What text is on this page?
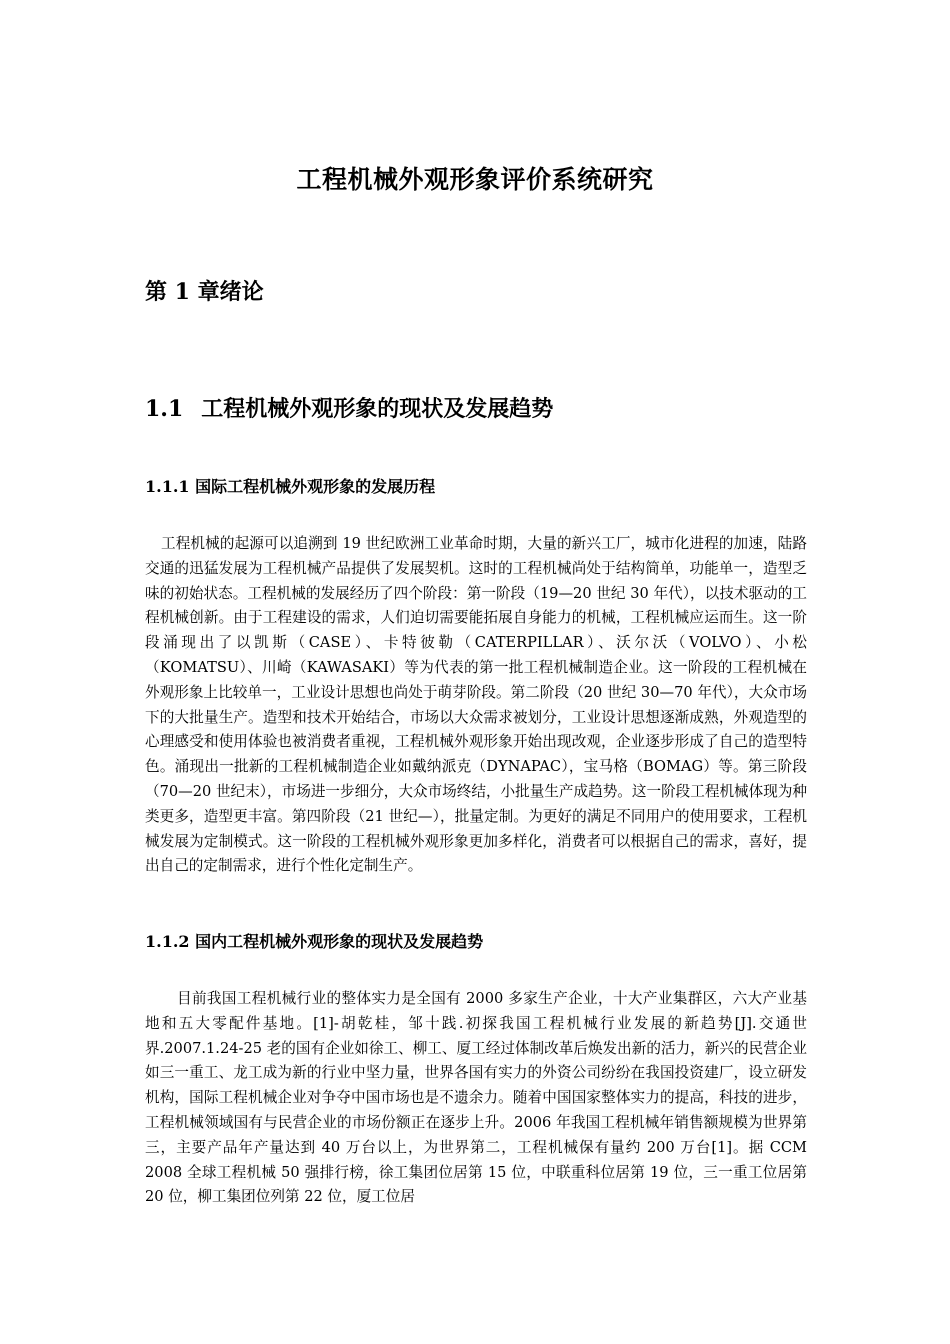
工程机械外观形象评价系统研究
第 1 章绪论
1.1 工程机械外观形象的现状及发展趋势
1.1.1 国际工程机械外观形象的发展历程

工程机械的起源可以追溯到 19 世纪欧洲工业革命时期，大量的新兴工厂，城市化进程的加速，陆路交通的迅猛发展为工程机械产品提供了发展契机。这时的工程机械尚处于结构简单，功能单一，造型乏味的初始状态。工程机械的发展经历了四个阶段：第一阶段（19—20 世纪 30 年代），以技术驱动的工程机械创新。由于工程建设的需求，人们迫切需要能拓展自身能力的机械，工程机械应运而生。这一阶段涌现出了以凯斯（CASE）、卡特彼勒（CATERPILLAR）、沃尔沃（VOLVO）、小松（KOMATSU）、川崎（KAWASAKI）等为代表的第一批工程机械制造企业。这一阶段的工程机械在外观形象上比较单一，工业设计思想也尚处于萌芽阶段。第二阶段（20 世纪 30—70 年代），大众市场下的大批量生产。造型和技术开始结合，市场以大众需求被划分，工业设计思想逐渐成熟，外观造型的心理感受和使用体验也被消费者重视，工程机械外观形象开始出现改观，企业逐步形成了自己的造型特色。涌现出一批新的工程机械制造企业如戴纳派克（DYNAPAC），宝马格（BOMAG）等。第三阶段（70—20 世纪末），市场进一步细分，大众市场终结，小批量生产成趋势。这一阶段工程机械体现为种类更多，造型更丰富。第四阶段（21 世纪—），批量定制。为更好的满足不同用户的使用要求，工程机械发展为定制模式。这一阶段的工程机械外观形象更加多样化，消费者可以根据自己的需求，喜好，提出自己的定制需求，进行个性化定制生产。

1.1.2 国内工程机械外观形象的现状及发展趋势

目前我国工程机械行业的整体实力是全国有 2000 多家生产企业，十大产业集群区，六大产业基地和五大零配件基地。[1]-胡乾桂，邹十践.初探我国工程机械行业发展的新趋势[J].交通世界.2007.1.24-25 老的国有企业如徐工、柳工、厦工经过体制改革后焕发出新的活力，新兴的民营企业如三一重工、龙工成为新的行业中坚力量，世界各国有实力的外资公司纷纷在我国投资建厂，设立研发机构，国际工程机械企业对争夺中国市场也是不遗余力。随着中国国家整体实力的提高，科技的进步，工程机械领域国有与民营企业的市场份额正在逐步上升。2006 年我国工程机械年销售额规模为世界第三，主要产品年产量达到 40 万台以上，为世界第二，工程机械保有量约 200 万台[1]。据 CCM 2008 全球工程机械 50 强排行榜，徐工集团位居第 15 位，中联重科位居第 19 位，三一重工位居第 20 位，柳工集团位列第 22 位，厦工位居
